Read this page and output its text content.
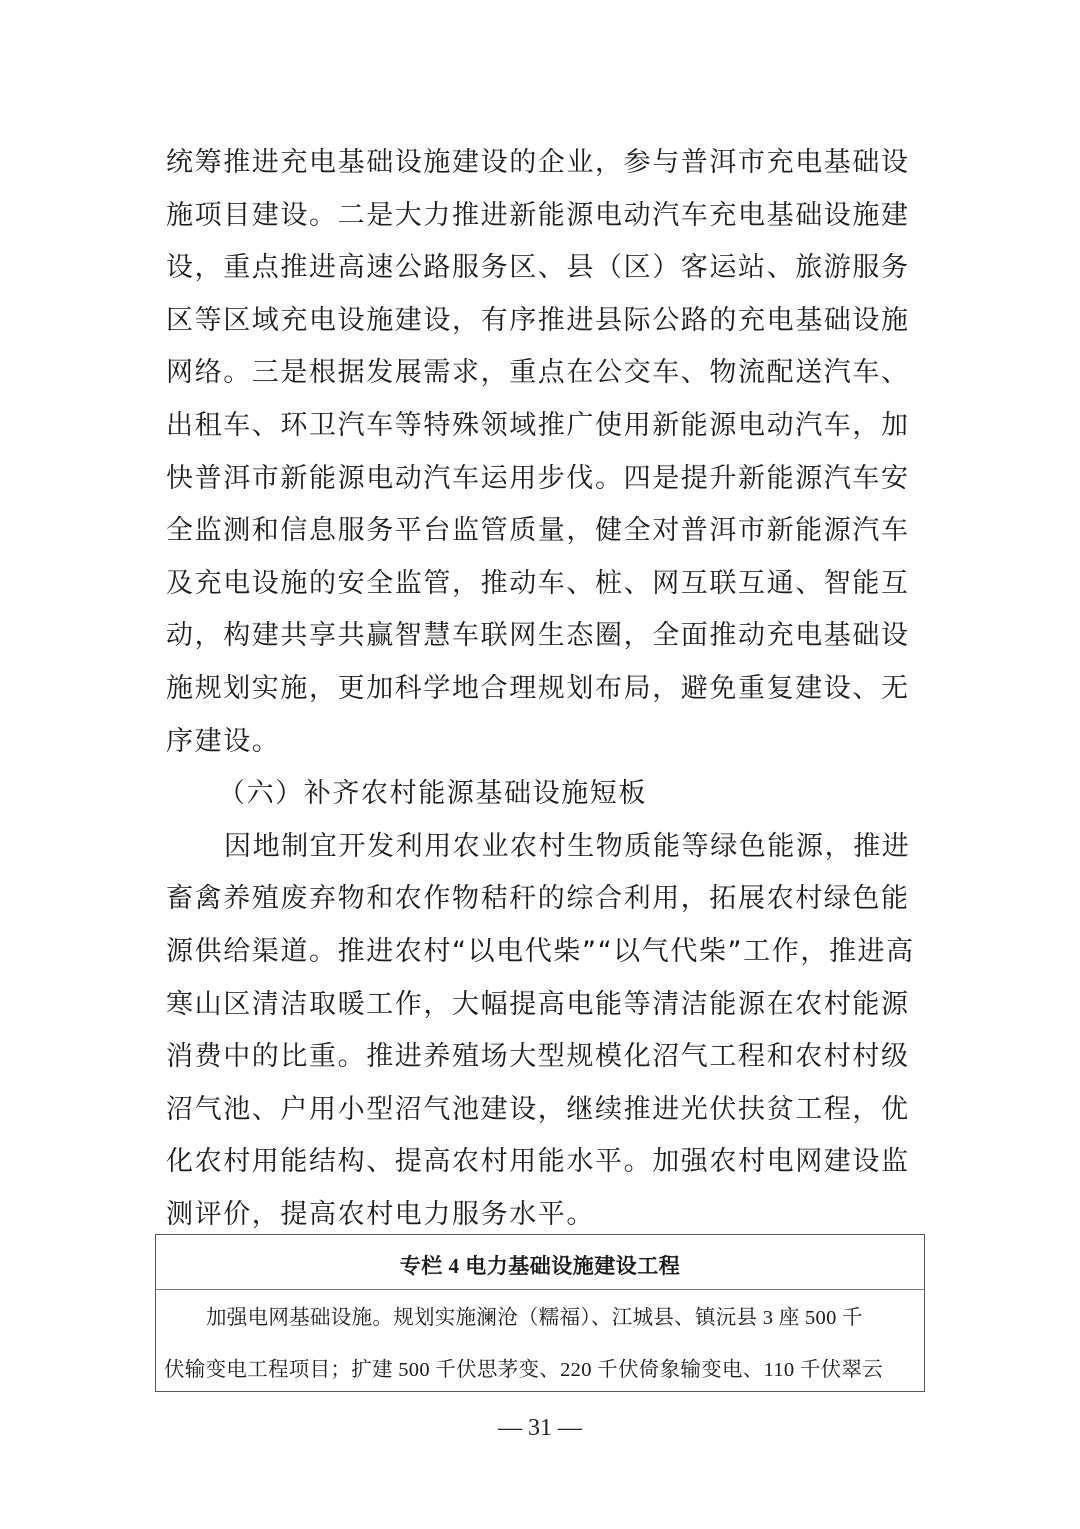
统筹推进充电基础设施建设的企业，参与普洱市充电基础设
施项目建设。二是大力推进新能源电动汽车充电基础设施建
设，重点推进高速公路服务区、县（区）客运站、旅游服务
区等区域充电设施建设，有序推进县际公路的充电基础设施
网络。三是根据发展需求，重点在公交车、物流配送汽车、
出租车、环卫汽车等特殊领域推广使用新能源电动汽车，加
快普洱市新能源电动汽车运用步伐。四是提升新能源汽车安
全监测和信息服务平台监管质量，健全对普洱市新能源汽车
及充电设施的安全监管，推动车、桩、网互联互通、智能互
动，构建共享共赢智慧车联网生态圈，全面推动充电基础设
施规划实施，更加科学地合理规划布局，避免重复建设、无
序建设。
（六）补齐农村能源基础设施短板
因地制宜开发利用农业农村生物质能等绿色能源，推进
畜禽养殖废弃物和农作物秸秆的综合利用，拓展农村绿色能
源供给渠道。推进农村“以电代柴”“以气代柴”工作，推进高
寒山区清洁取暖工作，大幅提高电能等清洁能源在农村能源
消费中的比重。推进养殖场大型规模化沼气工程和农村村级
沼气池、户用小型沼气池建设，继续推进光伏扶贫工程，优
化农村用能结构、提高农村用能水平。加强农村电网建设监
测评价，提高农村电力服务水平。
专栏 4 电力基础设施建设工程
加强电网基础设施。规划实施澜沧（糯福）、江城县、镇沅县 3 座 500 千
伏输变电工程项目；扩建 500 千伏思茅变、220 千伏倚象输变电、110 千伏翠云
— 31 —
